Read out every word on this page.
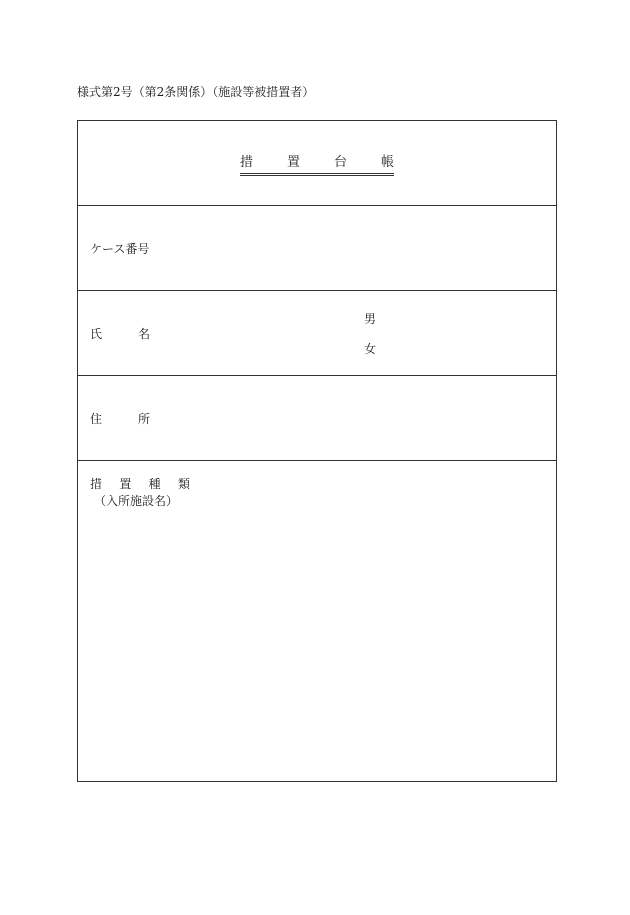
様式第2号（第2条関係）（施設等被措置者）
措	置	台	帳
ケース番号
氏	名
男
女
住	所
措 置 種 類
（入所施設名）
